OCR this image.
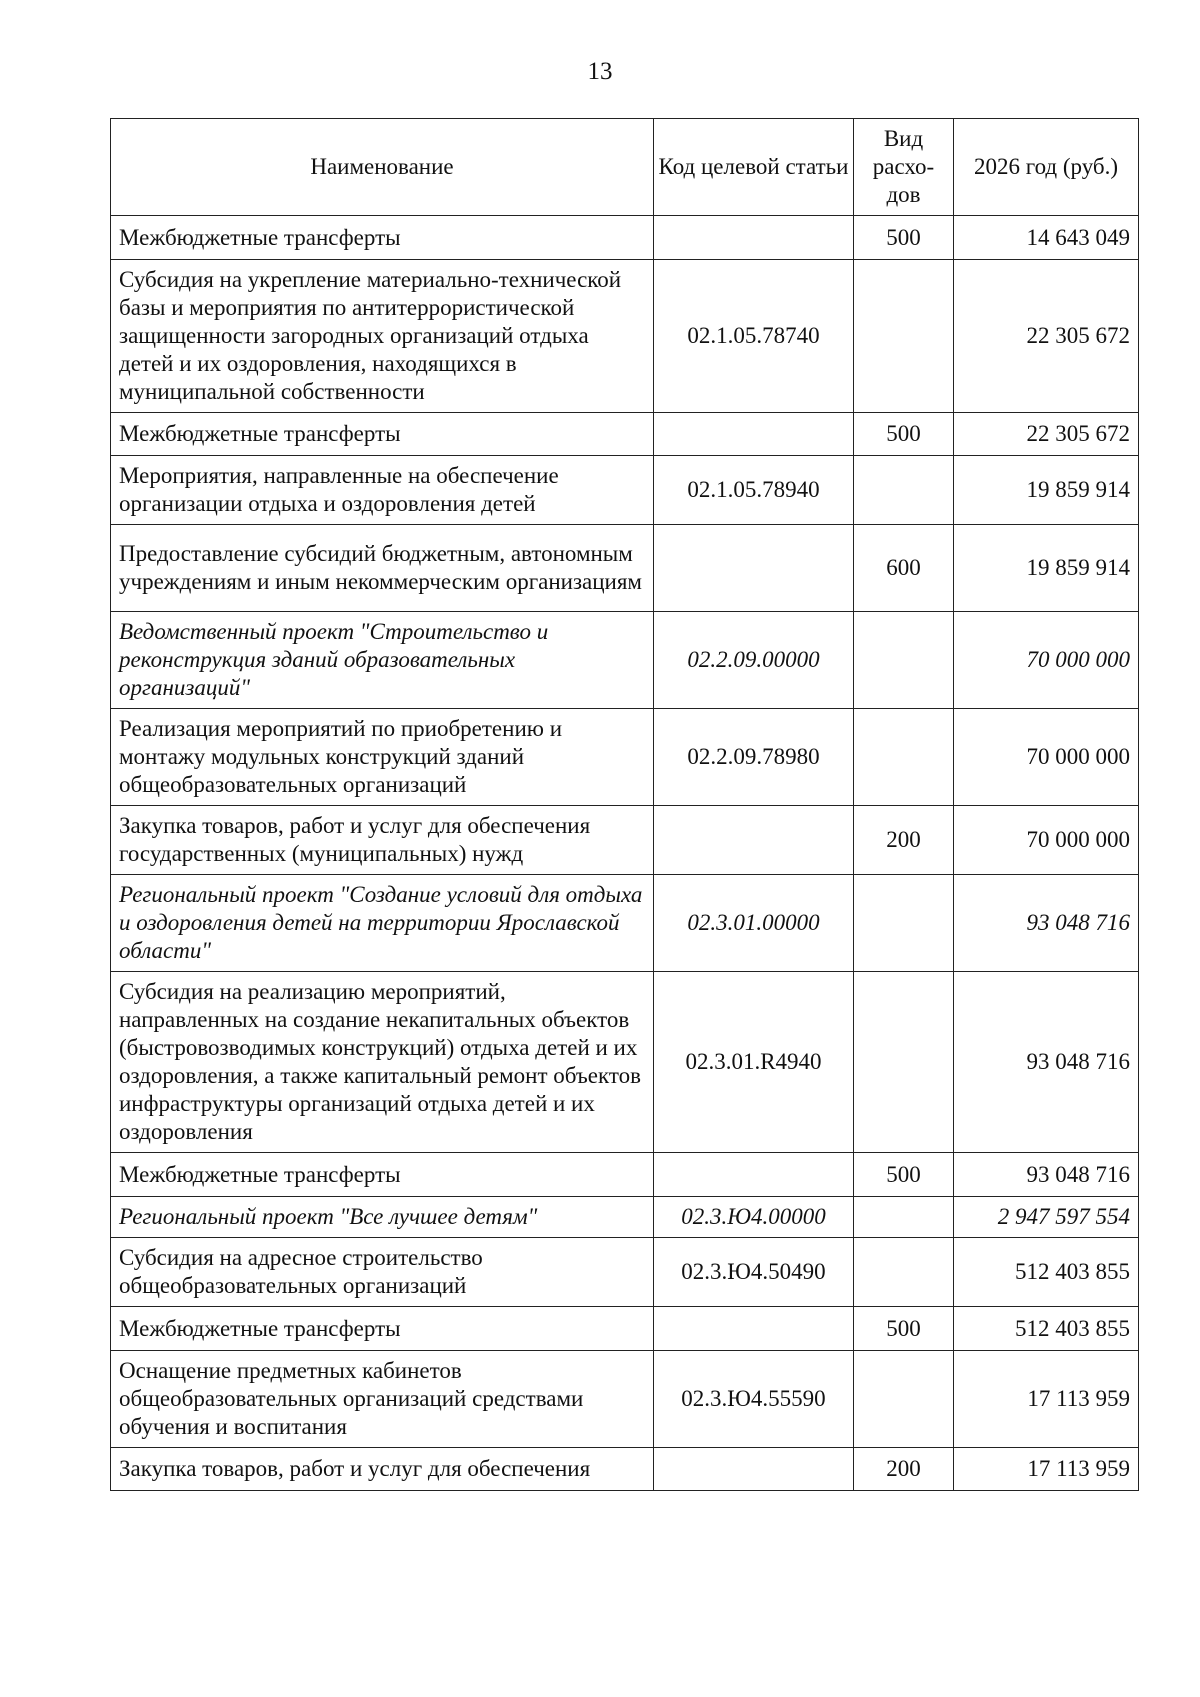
13
Наименование	Код целевой статьи	Вид расхо-дов	2026 год (руб.)
Межбюджетные трансферты		500	14 643 049
Субсидия на укрепление материально-технической базы и мероприятия по антитеррористической защищенности загородных организаций отдыха детей и их оздоровления, находящихся в муниципальной собственности	02.1.05.78740		22 305 672
Межбюджетные трансферты		500	22 305 672
Мероприятия, направленные на обеспечение организации отдыха и оздоровления детей	02.1.05.78940		19 859 914
Предоставление субсидий бюджетным, автономным учреждениям и иным некоммерческим организациям		600	19 859 914
Ведомственный проект "Строительство и реконструкция зданий образовательных организаций"	02.2.09.00000		70 000 000
Реализация мероприятий по приобретению и монтажу модульных конструкций зданий общеобразовательных организаций	02.2.09.78980		70 000 000
Закупка товаров, работ и услуг для обеспечения государственных (муниципальных) нужд		200	70 000 000
Региональный проект "Создание условий для отдыха и оздоровления детей на территории Ярославской области"	02.3.01.00000		93 048 716
Субсидия на реализацию мероприятий, направленных на создание некапитальных объектов (быстровозводимых конструкций) отдыха детей и их оздоровления, а также капитальный ремонт объектов инфраструктуры организаций отдыха детей и их оздоровления	02.3.01.R4940		93 048 716
Межбюджетные трансферты		500	93 048 716
Региональный проект "Все лучшее детям"	02.3.Ю4.00000		2 947 597 554
Субсидия на адресное строительство общеобразовательных организаций	02.3.Ю4.50490		512 403 855
Межбюджетные трансферты		500	512 403 855
Оснащение предметных кабинетов общеобразовательных организаций средствами обучения и воспитания	02.3.Ю4.55590		17 113 959
Закупка товаров, работ и услуг для обеспечения		200	17 113 959
